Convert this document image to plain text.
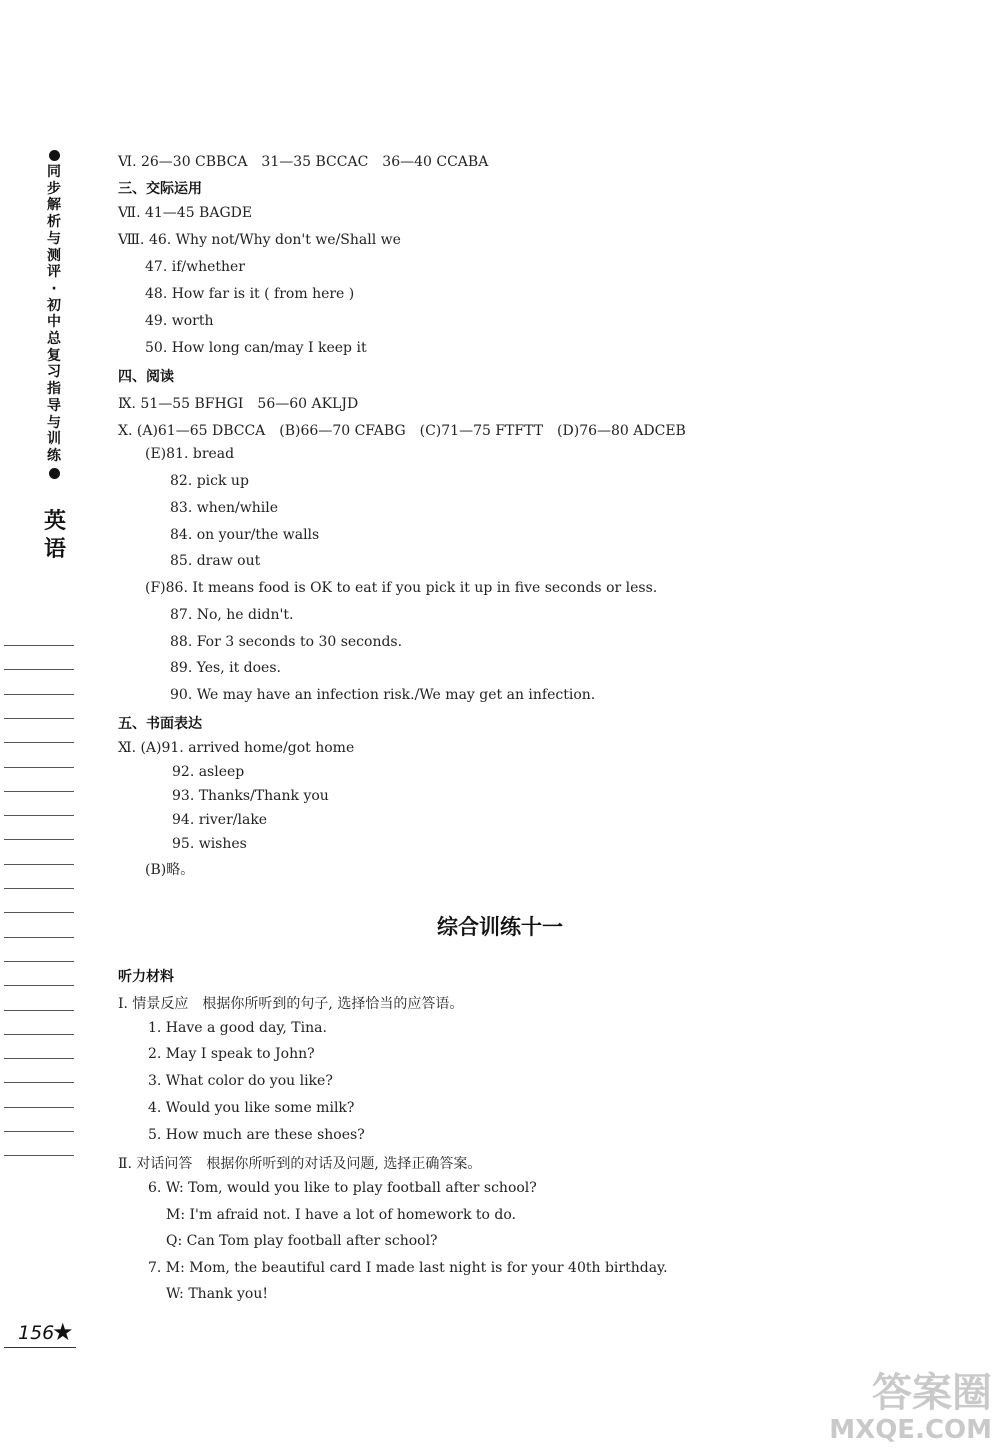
同
步
解
析
与
测
评
·
初
中
总
复
习
指
导
与
训
练
英
语
Ⅵ. 26—30 CBBCA　31—35 BCCAC　36—40 CCABA
三、交际运用
Ⅶ. 41—45 BAGDE
Ⅷ. 46. Why not/Why don't we/Shall we
47. if/whether
48. How far is it ( from here )
49. worth
50. How long can/may I keep it
四、阅读
Ⅸ. 51—55 BFHGI　56—60 AKLJD
Ⅹ. (A)61—65 DBCCA　(B)66—70 CFABG　(C)71—75 FTFTT　(D)76—80 ADCEB
(E)81. bread
82. pick up
83. when/while
84. on your/the walls
85. draw out
(F)86. It means food is OK to eat if you pick it up in five seconds or less.
87. No, he didn't.
88. For 3 seconds to 30 seconds.
89. Yes, it does.
90. We may have an infection risk./We may get an infection.
五、书面表达
Ⅺ. (A)91. arrived home/got home
92. asleep
93. Thanks/Thank you
94. river/lake
95. wishes
(B)略。
听力材料
Ⅰ. 情景反应　根据你所听到的句子, 选择恰当的应答语。
1. Have a good day, Tina.
2. May I speak to John?
3. What color do you like?
4. Would you like some milk?
5. How much are these shoes?
Ⅱ. 对话问答　根据你所听到的对话及问题, 选择正确答案。
6. W: Tom, would you like to play football after school?
M: I'm afraid not. I have a lot of homework to do.
Q: Can Tom play football after school?
7. M: Mom, the beautiful card I made last night is for your 40th birthday.
W: Thank you!
综合训练十一
156
★
答案圈
MXQE.COM
